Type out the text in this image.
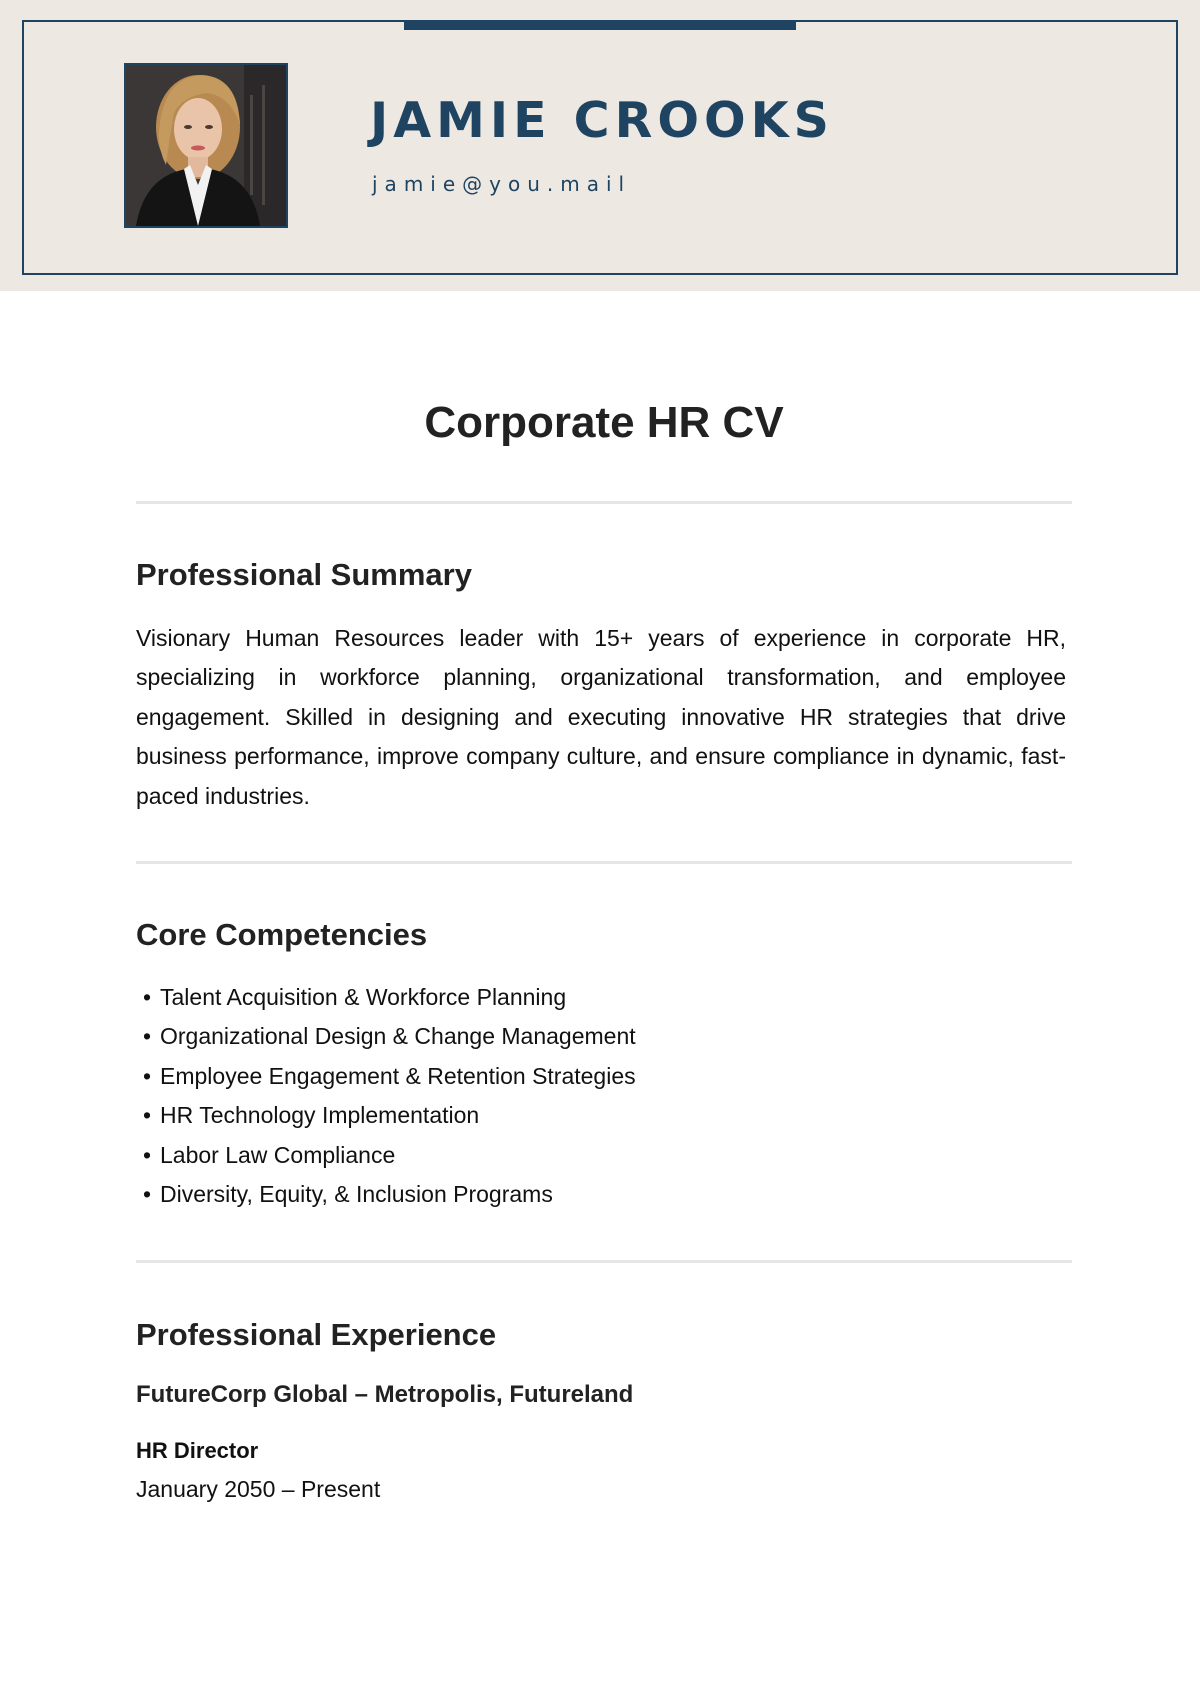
JAMIE CROOKS
jamie@you.mail
Corporate HR CV
Professional Summary

Visionary Human Resources leader with 15+ years of experience in corporate HR, specializing in workforce planning, organizational transformation, and employee engagement. Skilled in designing and executing innovative HR strategies that drive business performance, improve company culture, and ensure compliance in dynamic, fast-paced industries.

Core Competencies
• Talent Acquisition & Workforce Planning
• Organizational Design & Change Management
• Employee Engagement & Retention Strategies
• HR Technology Implementation
• Labor Law Compliance
• Diversity, Equity, & Inclusion Programs
Professional Experience
FutureCorp Global – Metropolis, Futureland
HR Director
January 2050 – Present
